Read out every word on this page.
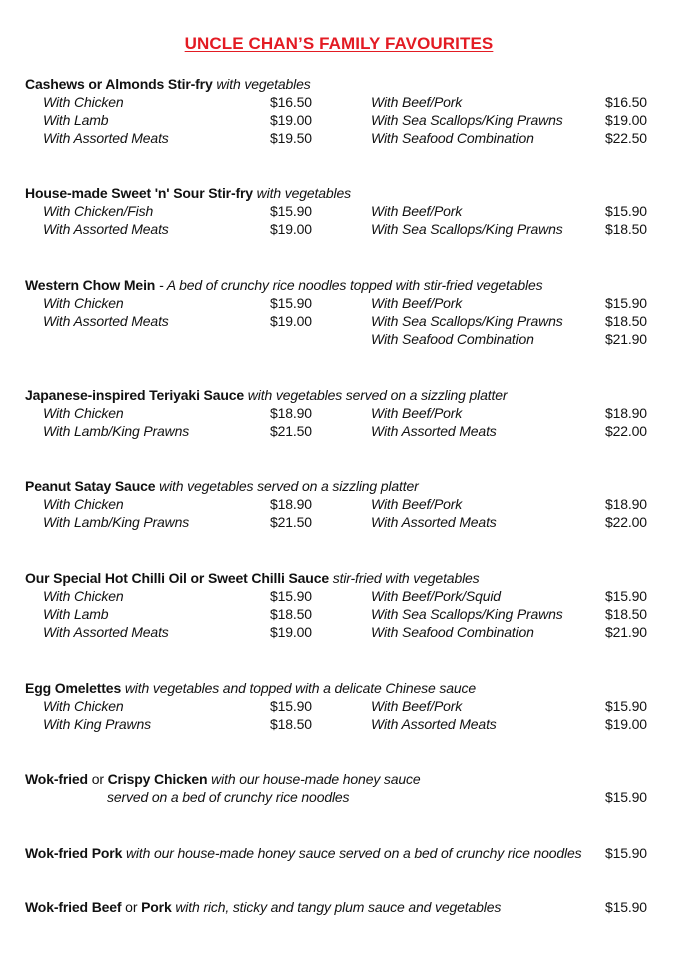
UNCLE CHAN’S FAMILY FAVOURITES
Cashews or Almonds Stir-fry with vegetables
With Chicken	$16.50	With Beef/Pork	$16.50
With Lamb	$19.00	With Sea Scallops/King Prawns	$19.00
With Assorted Meats	$19.50	With Seafood Combination	$22.50
House-made Sweet 'n' Sour Stir-fry with vegetables
With Chicken/Fish	$15.90	With Beef/Pork	$15.90
With Assorted Meats	$19.00	With Sea Scallops/King Prawns	$18.50
Western Chow Mein - A bed of crunchy rice noodles topped with stir-fried vegetables
With Chicken	$15.90	With Beef/Pork	$15.90
With Assorted Meats	$19.00	With Sea Scallops/King Prawns	$18.50
With Seafood Combination	$21.90
Japanese-inspired Teriyaki Sauce with vegetables served on a sizzling platter
With Chicken	$18.90	With Beef/Pork	$18.90
With Lamb/King Prawns	$21.50	With Assorted Meats	$22.00
Peanut Satay Sauce with vegetables served on a sizzling platter
With Chicken	$18.90	With Beef/Pork	$18.90
With Lamb/King Prawns	$21.50	With Assorted Meats	$22.00
Our Special Hot Chilli Oil or Sweet Chilli Sauce stir-fried with vegetables
With Chicken	$15.90	With Beef/Pork/Squid	$15.90
With Lamb	$18.50	With Sea Scallops/King Prawns	$18.50
With Assorted Meats	$19.00	With Seafood Combination	$21.90
Egg Omelettes with vegetables and topped with a delicate Chinese sauce
With Chicken	$15.90	With Beef/Pork	$15.90
With King Prawns	$18.50	With Assorted Meats	$19.00
Wok-fried or Crispy Chicken with our house-made honey sauce
served on a bed of crunchy rice noodles	$15.90
Wok-fried Pork with our house-made honey sauce served on a bed of crunchy rice noodles $15.90
Wok-fried Beef or Pork with rich, sticky and tangy plum sauce and vegetables	$15.90
